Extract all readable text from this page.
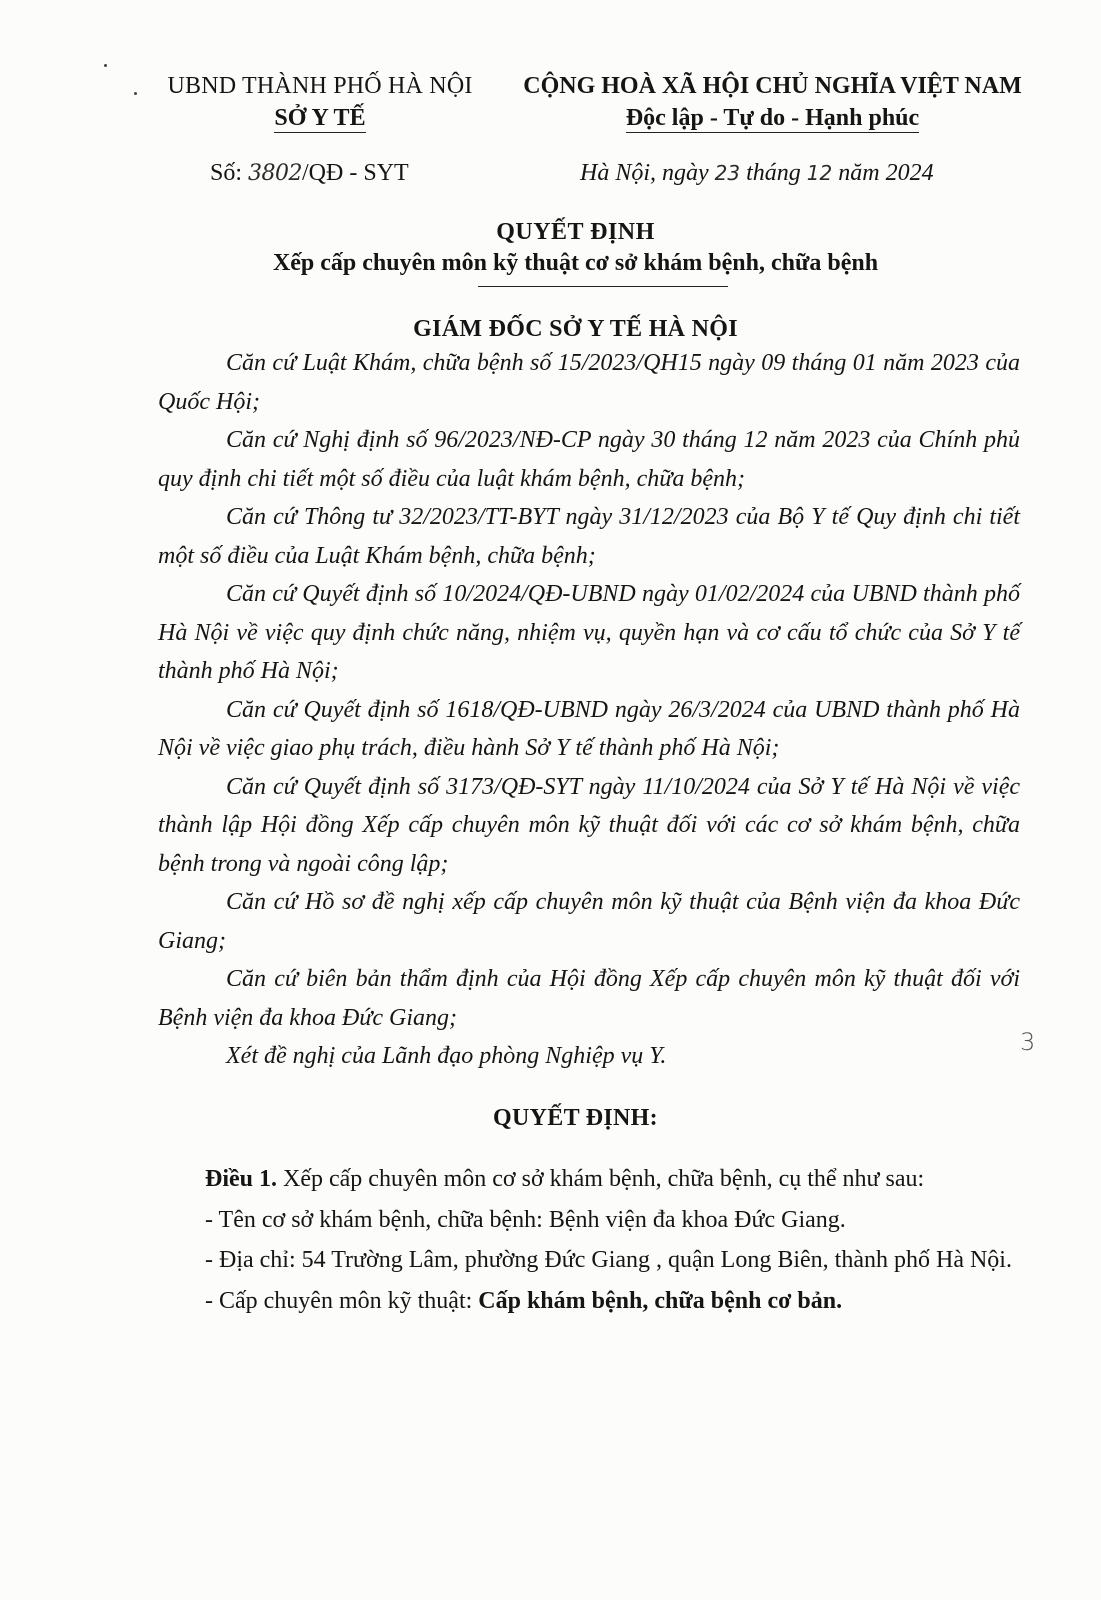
UBND THÀNH PHỐ HÀ NỘI
SỞ Y TẾ
CỘNG HOÀ XÃ HỘI CHỦ NGHĨA VIỆT NAM
Độc lập - Tự do - Hạnh phúc
Số: 3802/QĐ - SYT	Hà Nội, ngày 23 tháng 12 năm 2024
QUYẾT ĐỊNH
Xếp cấp chuyên môn kỹ thuật cơ sở khám bệnh, chữa bệnh
GIÁM ĐỐC SỞ Y TẾ HÀ NỘI

Căn cứ Luật Khám, chữa bệnh số 15/2023/QH15 ngày 09 tháng 01 năm 2023 của Quốc Hội;

Căn cứ Nghị định số 96/2023/NĐ-CP ngày 30 tháng 12 năm 2023 của Chính phủ quy định chi tiết một số điều của luật khám bệnh, chữa bệnh;

Căn cứ Thông tư 32/2023/TT-BYT ngày 31/12/2023 của Bộ Y tế Quy định chi tiết một số điều của Luật Khám bệnh, chữa bệnh;

Căn cứ Quyết định số 10/2024/QĐ-UBND ngày 01/02/2024 của UBND thành phố Hà Nội về việc quy định chức năng, nhiệm vụ, quyền hạn và cơ cấu tổ chức của Sở Y tế thành phố Hà Nội;

Căn cứ Quyết định số 1618/QĐ-UBND ngày 26/3/2024 của UBND thành phố Hà Nội về việc giao phụ trách, điều hành Sở Y tế thành phố Hà Nội;

Căn cứ Quyết định số 3173/QĐ-SYT ngày 11/10/2024 của Sở Y tế Hà Nội về việc thành lập Hội đồng Xếp cấp chuyên môn kỹ thuật đối với các cơ sở khám bệnh, chữa bệnh trong và ngoài công lập;

Căn cứ Hồ sơ đề nghị xếp cấp chuyên môn kỹ thuật của Bệnh viện đa khoa Đức Giang;

Căn cứ biên bản thẩm định của Hội đồng Xếp cấp chuyên môn kỹ thuật đối với Bệnh viện đa khoa Đức Giang;

Xét đề nghị của Lãnh đạo phòng Nghiệp vụ Y.	3
QUYẾT ĐỊNH:

Điều 1. Xếp cấp chuyên môn cơ sở khám bệnh, chữa bệnh, cụ thể như sau:

- Tên cơ sở khám bệnh, chữa bệnh: Bệnh viện đa khoa Đức Giang.

- Địa chỉ: 54 Trường Lâm, phường Đức Giang , quận Long Biên, thành phố Hà Nội.

- Cấp chuyên môn kỹ thuật: Cấp khám bệnh, chữa bệnh cơ bản.
